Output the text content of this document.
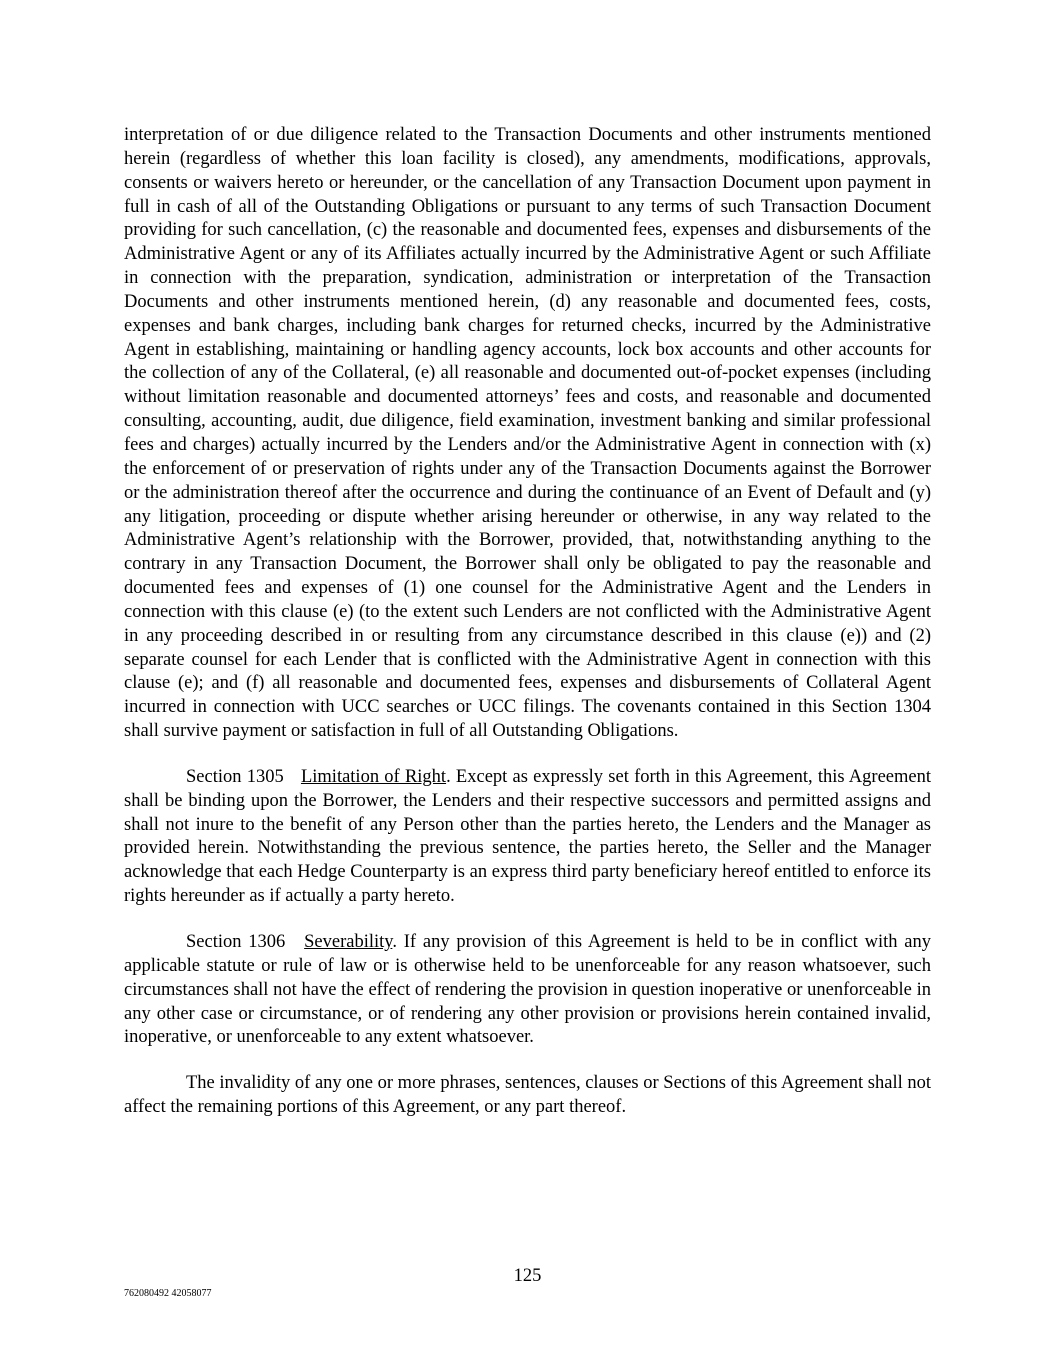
interpretation of or due diligence related to the Transaction Documents and other instruments mentioned herein (regardless of whether this loan facility is closed), any amendments, modifications, approvals, consents or waivers hereto or hereunder, or the cancellation of any Transaction Document upon payment in full in cash of all of the Outstanding Obligations or pursuant to any terms of such Transaction Document providing for such cancellation, (c) the reasonable and documented fees, expenses and disbursements of the Administrative Agent or any of its Affiliates actually incurred by the Administrative Agent or such Affiliate in connection with the preparation, syndication, administration or interpretation of the Transaction Documents and other instruments mentioned herein, (d) any reasonable and documented fees, costs, expenses and bank charges, including bank charges for returned checks, incurred by the Administrative Agent in establishing, maintaining or handling agency accounts, lock box accounts and other accounts for the collection of any of the Collateral, (e) all reasonable and documented out-of-pocket expenses (including without limitation reasonable and documented attorneys’ fees and costs, and reasonable and documented consulting, accounting, audit, due diligence, field examination, investment banking and similar professional fees and charges) actually incurred by the Lenders and/or the Administrative Agent in connection with (x) the enforcement of or preservation of rights under any of the Transaction Documents against the Borrower or the administration thereof after the occurrence and during the continuance of an Event of Default and (y) any litigation, proceeding or dispute whether arising hereunder or otherwise, in any way related to the Administrative Agent’s relationship with the Borrower, provided, that, notwithstanding anything to the contrary in any Transaction Document, the Borrower shall only be obligated to pay the reasonable and documented fees and expenses of (1) one counsel for the Administrative Agent and the Lenders in connection with this clause (e) (to the extent such Lenders are not conflicted with the Administrative Agent in any proceeding described in or resulting from any circumstance described in this clause (e)) and (2) separate counsel for each Lender that is conflicted with the Administrative Agent in connection with this clause (e); and (f) all reasonable and documented fees, expenses and disbursements of Collateral Agent incurred in connection with UCC searches or UCC filings. The covenants contained in this Section 1304 shall survive payment or satisfaction in full of all Outstanding Obligations.

Section 1305 Limitation of Right. Except as expressly set forth in this Agreement, this Agreement shall be binding upon the Borrower, the Lenders and their respective successors and permitted assigns and shall not inure to the benefit of any Person other than the parties hereto, the Lenders and the Manager as provided herein. Notwithstanding the previous sentence, the parties hereto, the Seller and the Manager acknowledge that each Hedge Counterparty is an express third party beneficiary hereof entitled to enforce its rights hereunder as if actually a party hereto.

Section 1306 Severability. If any provision of this Agreement is held to be in conflict with any applicable statute or rule of law or is otherwise held to be unenforceable for any reason whatsoever, such circumstances shall not have the effect of rendering the provision in question inoperative or unenforceable in any other case or circumstance, or of rendering any other provision or provisions herein contained invalid, inoperative, or unenforceable to any extent whatsoever.

The invalidity of any one or more phrases, sentences, clauses or Sections of this Agreement shall not affect the remaining portions of this Agreement, or any part thereof.

125
762080492 42058077
